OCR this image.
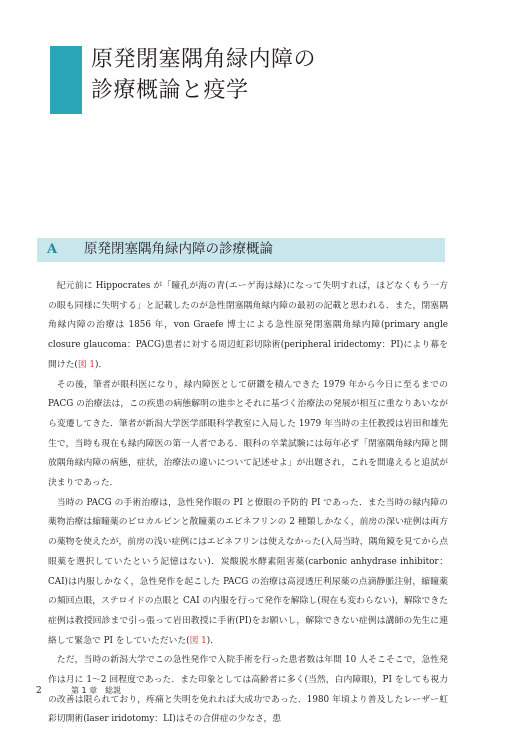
原発閉塞隅角緑内障の
診療概論と疫学
A 原発閉塞隅角緑内障の診療概論

紀元前に Hippocrates が「瞳孔が海の青(エーゲ海は緑)になって失明すれば，ほどなくもう一方の眼も同様に失明する」と記載したのが急性閉塞隅角緑内障の最初の記載と思われる．また，閉塞隅角緑内障の治療は 1856 年，von Graefe 博士による急性原発閉塞隅角緑内障(primary angle closure glaucoma：PACG)患者に対する周辺虹彩切除術(peripheral iridectomy：PI)により幕を開けた(図 1)．

その後，筆者が眼科医になり，緑内障医として研鑽を積んできた 1979 年から今日に至るまでの PACG の治療法は，この疾患の病態解明の進歩とそれに基づく治療法の発展が相互に重なりあいながら変遷してきた．筆者が新潟大学医学部眼科学教室に入局した 1979 年当時の主任教授は岩田和雄先生で，当時も現在も緑内障医の第一人者である．眼科の卒業試験には毎年必ず「閉塞隅角緑内障と開放隅角緑内障の病態，症状，治療法の違いについて記述せよ」が出題され，これを間違えると追試が決まりであった．

当時の PACG の手術治療は，急性発作眼の PI と僚眼の予防的 PI であった．また当時の緑内障の薬物治療は縮瞳薬のピロカルピンと散瞳薬のエピネフリンの 2 種類しかなく，前房の深い症例は両方の薬物を使えたが，前房の浅い症例にはエピネフリンは使えなかった(入局当時，隅角鏡を見てから点眼薬を選択していたという記憶はない)．炭酸脱水酵素阻害薬(carbonic anhydrase inhibitor：CAI)は内服しかなく，急性発作を起こした PACG の治療は高浸透圧利尿薬の点滴静脈注射，縮瞳薬の頻回点眼，ステロイドの点眼と CAI の内服を行って発作を解除し(現在も変わらない)，解除できた症例は教授回診まで引っ張って岩田教授に手術(PI)をお願いし，解除できない症例は講師の先生に連絡して緊急で PI をしていただいた(図 1)．

ただ，当時の新潟大学でこの急性発作で入院手術を行った患者数は年間 10 人そこそこで，急性発作は月に 1〜2 回程度であった．また印象としては高齢者に多く(当然，白内障眼)，PI をしても視力の改善は限られており，疼痛と失明を免れれば大成功であった．1980 年頃より普及したレーザー虹彩切開術(laser iridotomy：LI)はその合併症の少なさ，患

2	第 1 章　総説
